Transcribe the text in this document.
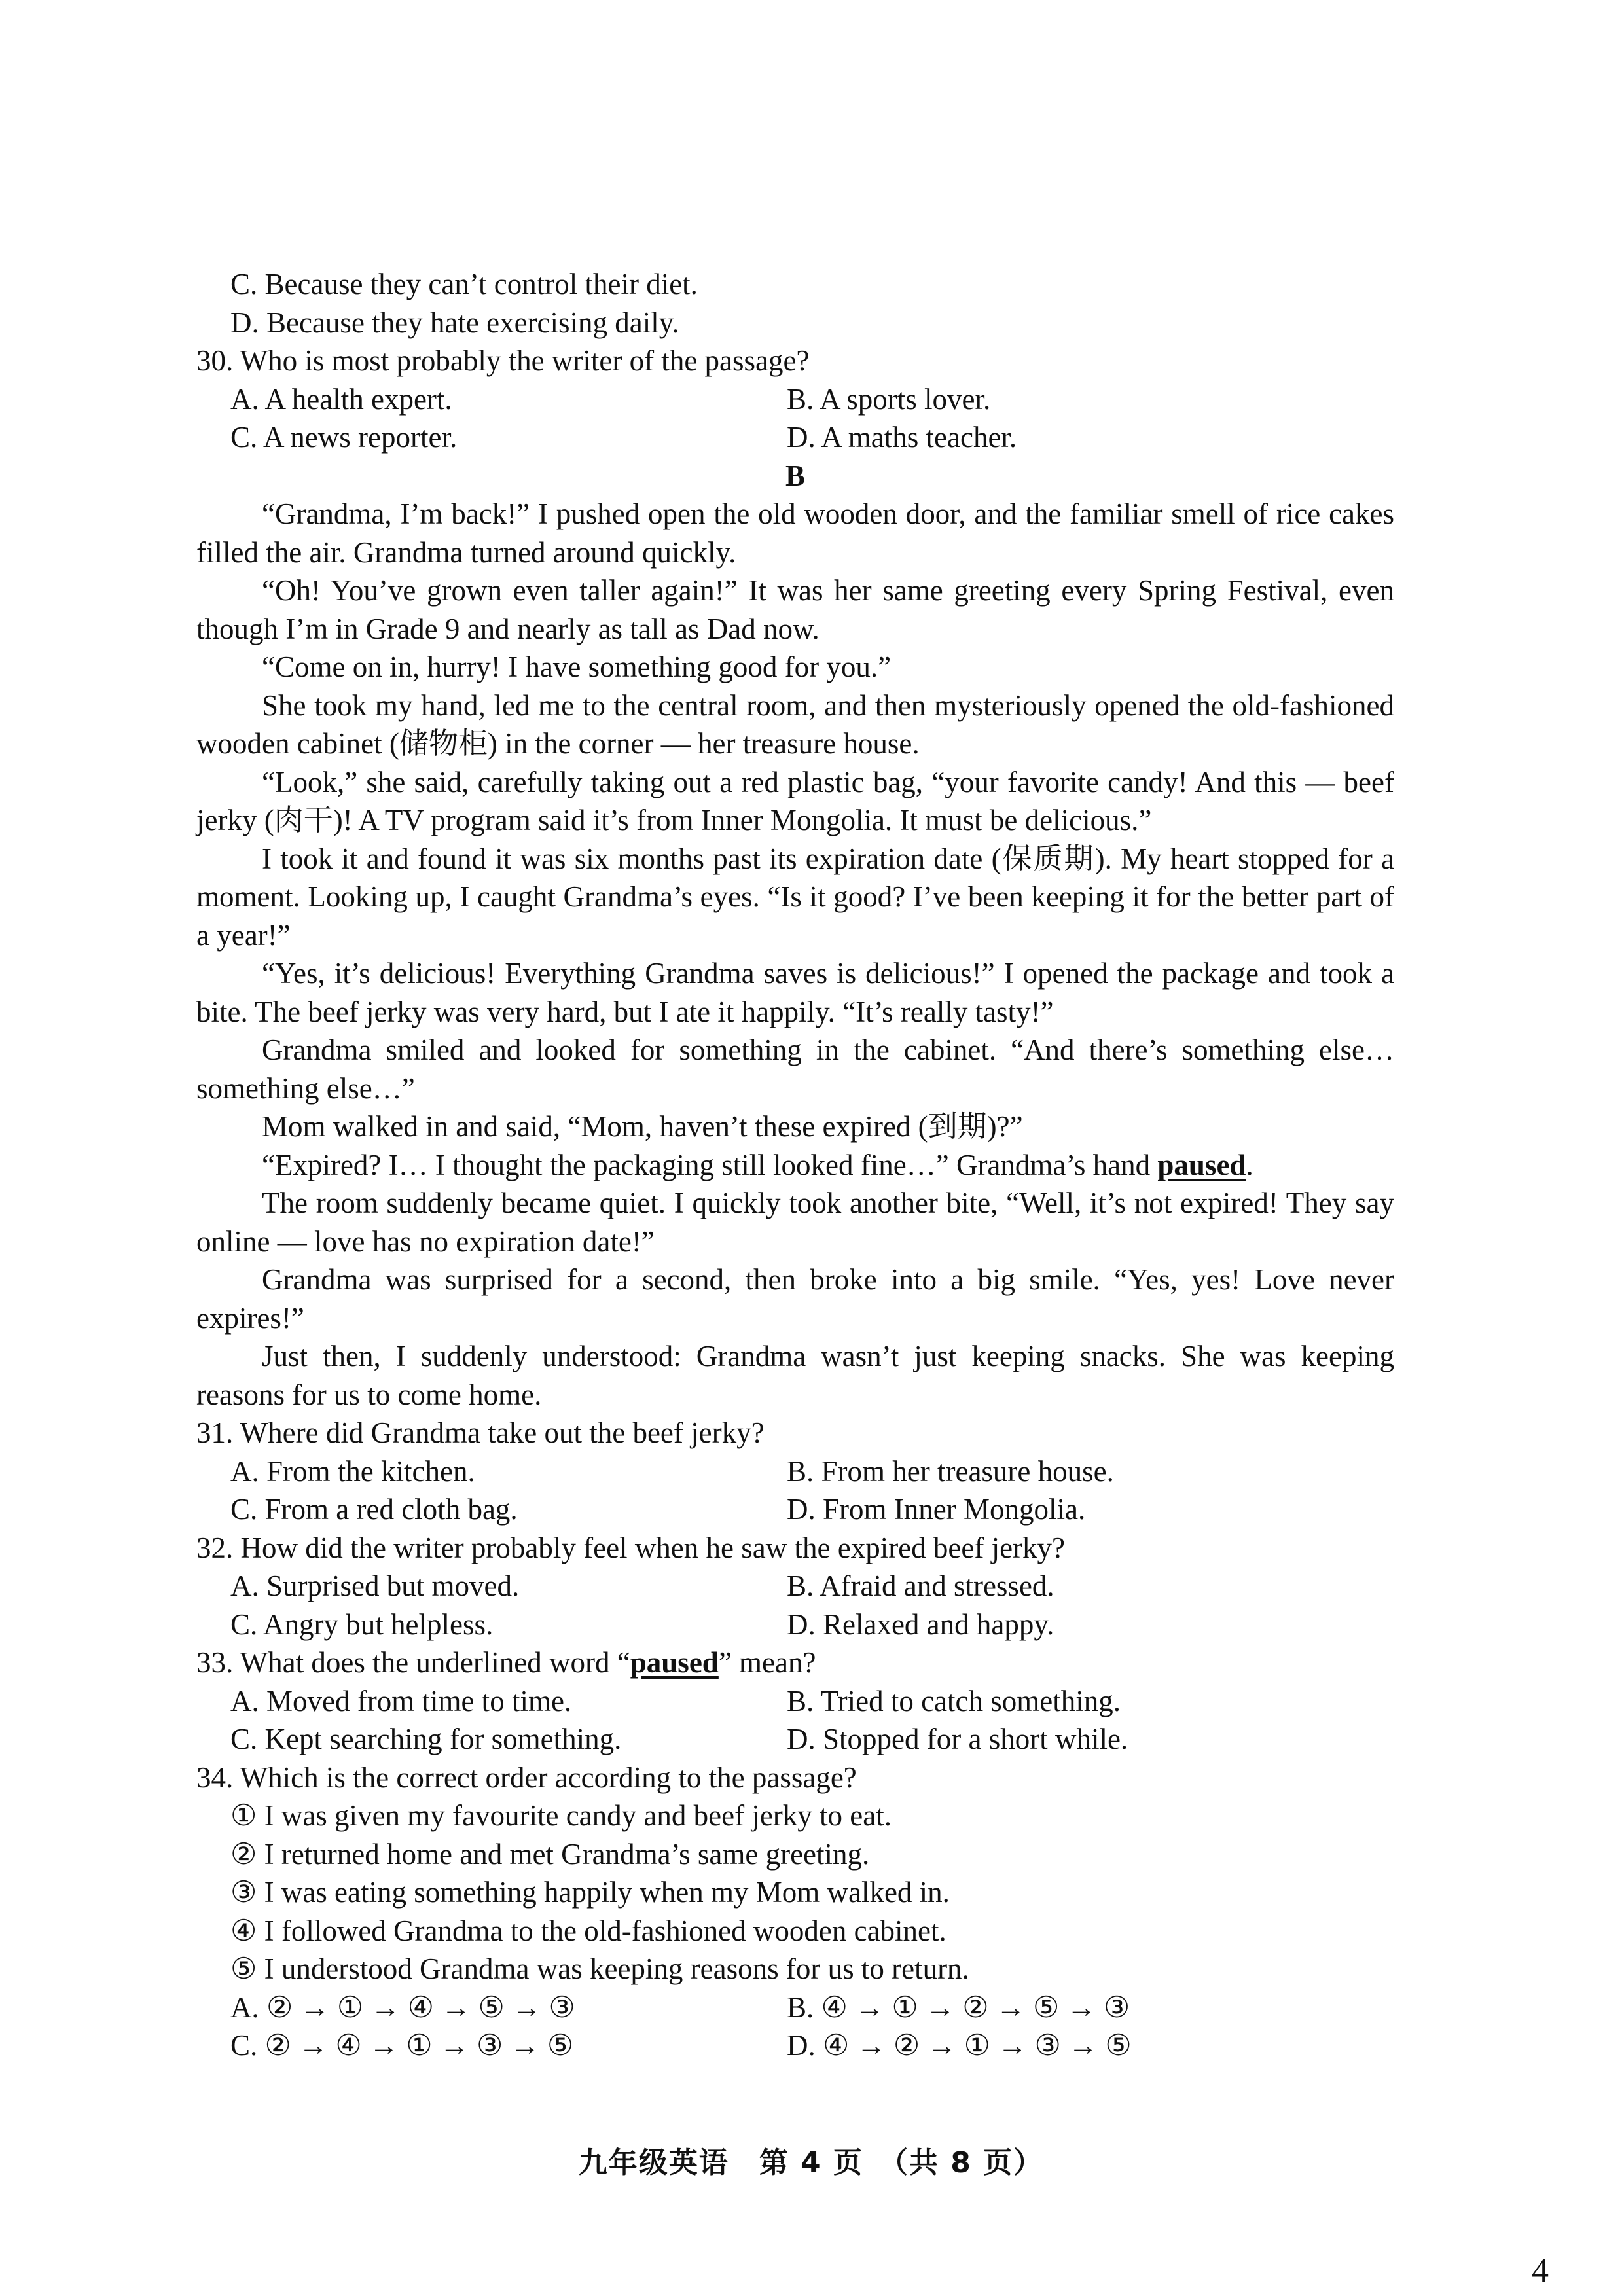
C. Because they can’t control their diet.
D. Because they hate exercising daily.
30. Who is most probably the writer of the passage?
A. A health expert.	B. A sports lover.
C. A news reporter.	D. A maths teacher.
B

“Grandma, I’m back!” I pushed open the old wooden door, and the familiar smell of rice cakes filled the air. Grandma turned around quickly.

“Oh! You’ve grown even taller again!” It was her same greeting every Spring Festival, even though I’m in Grade 9 and nearly as tall as Dad now.

“Come on in, hurry! I have something good for you.”

She took my hand, led me to the central room, and then mysteriously opened the old-fashioned wooden cabinet (储物柜) in the corner — her treasure house.

“Look,” she said, carefully taking out a red plastic bag, “your favorite candy! And this — beef jerky (肉干)! A TV program said it’s from Inner Mongolia. It must be delicious.”

I took it and found it was six months past its expiration date (保质期). My heart stopped for a moment. Looking up, I caught Grandma’s eyes. “Is it good? I’ve been keeping it for the better part of a year!”

“Yes, it’s delicious! Everything Grandma saves is delicious!” I opened the package and took a bite. The beef jerky was very hard, but I ate it happily. “It’s really tasty!”

Grandma smiled and looked for something in the cabinet. “And there’s something else… something else…”

Mom walked in and said, “Mom, haven’t these expired (到期)?”

“Expired? I… I thought the packaging still looked fine…” Grandma’s hand paused.

The room suddenly became quiet. I quickly took another bite, “Well, it’s not expired! They say online — love has no expiration date!”

Grandma was surprised for a second, then broke into a big smile. “Yes, yes! Love never expires!”

Just then, I suddenly understood: Grandma wasn’t just keeping snacks. She was keeping reasons for us to come home.

31. Where did Grandma take out the beef jerky?
A. From the kitchen.	B. From her treasure house.
C. From a red cloth bag.	D. From Inner Mongolia.
32. How did the writer probably feel when he saw the expired beef jerky?
A. Surprised but moved.	B. Afraid and stressed.
C. Angry but helpless.	D. Relaxed and happy.
33. What does the underlined word “paused” mean?
A. Moved from time to time.	B. Tried to catch something.
C. Kept searching for something.	D. Stopped for a short while.
34. Which is the correct order according to the passage?
① I was given my favourite candy and beef jerky to eat.
② I returned home and met Grandma’s same greeting.
③ I was eating something happily when my Mom walked in.
④ I followed Grandma to the old-fashioned wooden cabinet.
⑤ I understood Grandma was keeping reasons for us to return.
A. ② → ① → ④ → ⑤ → ③	B. ④ → ① → ② → ⑤ → ③
C. ② → ④ → ① → ③ → ⑤	D. ④ → ② → ① → ③ → ⑤
九年级英语　第 4 页　（共 8 页）
4
